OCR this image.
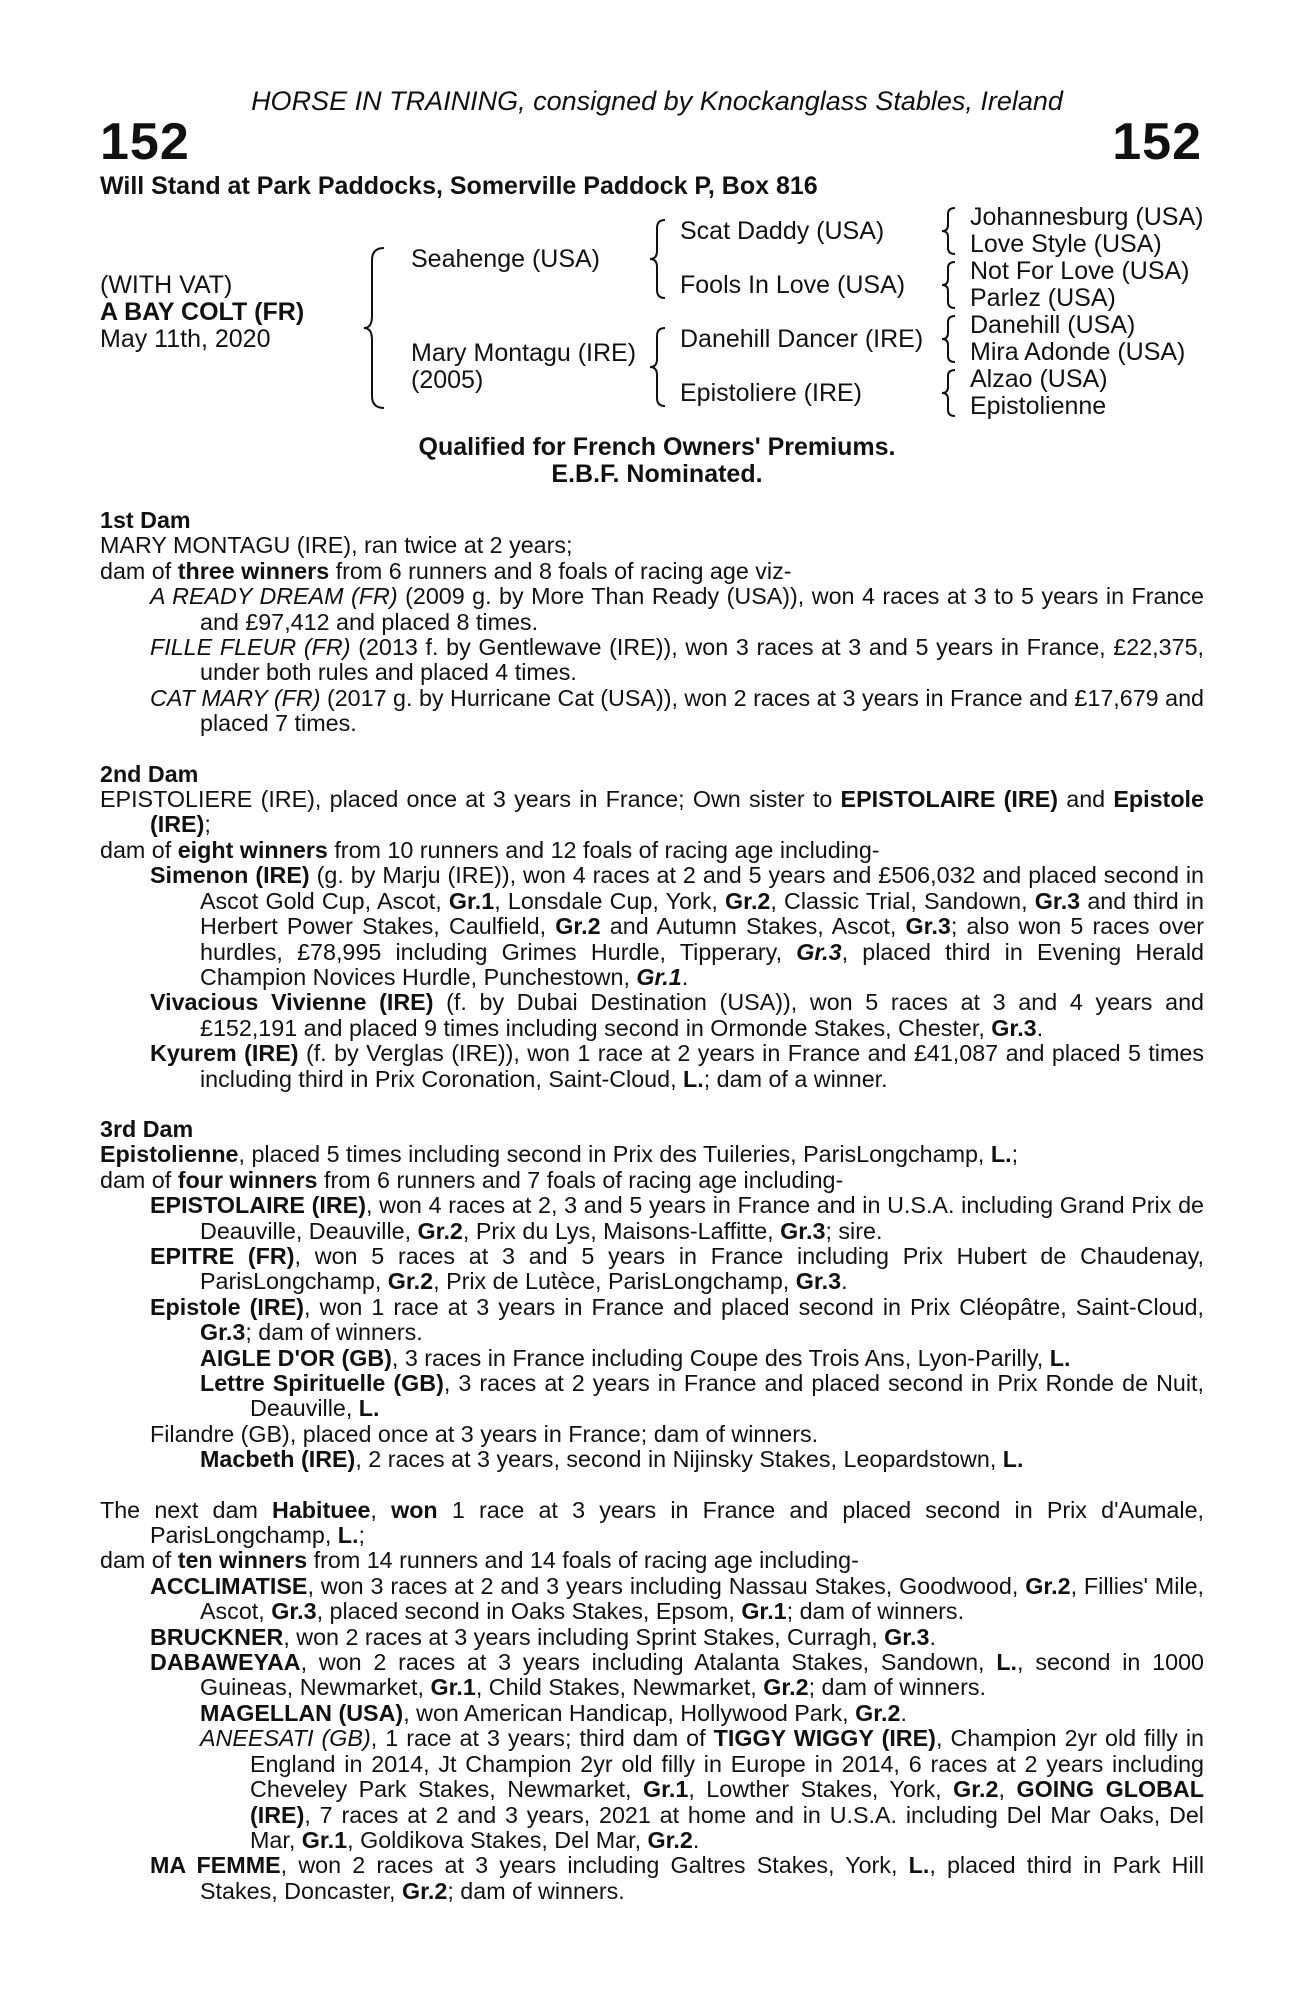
HORSE IN TRAINING, consigned by Knockanglass Stables, Ireland
152	152
Will Stand at Park Paddocks, Somerville Paddock P, Box 816
(WITH VAT)
A BAY COLT (FR)
May 11th, 2020
Seahenge (USA)
Mary Montagu (IRE)
(2005)
Scat Daddy (USA)
Fools In Love (USA)
Danehill Dancer (IRE)
Epistoliere (IRE)
Johannesburg (USA)
Love Style (USA)
Not For Love (USA)
Parlez (USA)
Danehill (USA)
Mira Adonde (USA)
Alzao (USA)
Epistolienne
Qualified for French Owners' Premiums.
E.B.F. Nominated.
1st Dam
MARY MONTAGU (IRE), ran twice at 2 years;
dam of three winners from 6 runners and 8 foals of racing age viz-
A READY DREAM (FR) (2009 g. by More Than Ready (USA)), won 4 races at 3 to 5 years in France and £97,412 and placed 8 times.
FILLE FLEUR (FR) (2013 f. by Gentlewave (IRE)), won 3 races at 3 and 5 years in France, £22,375, under both rules and placed 4 times.
CAT MARY (FR) (2017 g. by Hurricane Cat (USA)), won 2 races at 3 years in France and £17,679 and placed 7 times.
2nd Dam
EPISTOLIERE (IRE), placed once at 3 years in France; Own sister to EPISTOLAIRE (IRE) and Epistole (IRE);
dam of eight winners from 10 runners and 12 foals of racing age including-
Simenon (IRE) (g. by Marju (IRE)), won 4 races at 2 and 5 years and £506,032 and placed second in Ascot Gold Cup, Ascot, Gr.1, Lonsdale Cup, York, Gr.2, Classic Trial, Sandown, Gr.3 and third in Herbert Power Stakes, Caulfield, Gr.2 and Autumn Stakes, Ascot, Gr.3; also won 5 races over hurdles, £78,995 including Grimes Hurdle, Tipperary, Gr.3, placed third in Evening Herald Champion Novices Hurdle, Punchestown, Gr.1.
Vivacious Vivienne (IRE) (f. by Dubai Destination (USA)), won 5 races at 3 and 4 years and £152,191 and placed 9 times including second in Ormonde Stakes, Chester, Gr.3.
Kyurem (IRE) (f. by Verglas (IRE)), won 1 race at 2 years in France and £41,087 and placed 5 times including third in Prix Coronation, Saint-Cloud, L.; dam of a winner.
3rd Dam
Epistolienne, placed 5 times including second in Prix des Tuileries, ParisLongchamp, L.;
dam of four winners from 6 runners and 7 foals of racing age including-
EPISTOLAIRE (IRE), won 4 races at 2, 3 and 5 years in France and in U.S.A. including Grand Prix de Deauville, Deauville, Gr.2, Prix du Lys, Maisons-Laffitte, Gr.3; sire.
EPITRE (FR), won 5 races at 3 and 5 years in France including Prix Hubert de Chaudenay, ParisLongchamp, Gr.2, Prix de Lutèce, ParisLongchamp, Gr.3.
Epistole (IRE), won 1 race at 3 years in France and placed second in Prix Cléopâtre, Saint-Cloud, Gr.3; dam of winners.
AIGLE D'OR (GB), 3 races in France including Coupe des Trois Ans, Lyon-Parilly, L.
Lettre Spirituelle (GB), 3 races at 2 years in France and placed second in Prix Ronde de Nuit, Deauville, L.
Filandre (GB), placed once at 3 years in France; dam of winners.
Macbeth (IRE), 2 races at 3 years, second in Nijinsky Stakes, Leopardstown, L.
The next dam Habituee, won 1 race at 3 years in France and placed second in Prix d'Aumale, ParisLongchamp, L.;
dam of ten winners from 14 runners and 14 foals of racing age including-
ACCLIMATISE, won 3 races at 2 and 3 years including Nassau Stakes, Goodwood, Gr.2, Fillies' Mile, Ascot, Gr.3, placed second in Oaks Stakes, Epsom, Gr.1; dam of winners.
BRUCKNER, won 2 races at 3 years including Sprint Stakes, Curragh, Gr.3.
DABAWEYAA, won 2 races at 3 years including Atalanta Stakes, Sandown, L., second in 1000 Guineas, Newmarket, Gr.1, Child Stakes, Newmarket, Gr.2; dam of winners.
MAGELLAN (USA), won American Handicap, Hollywood Park, Gr.2.
ANEESATI (GB), 1 race at 3 years; third dam of TIGGY WIGGY (IRE), Champion 2yr old filly in England in 2014, Jt Champion 2yr old filly in Europe in 2014, 6 races at 2 years including Cheveley Park Stakes, Newmarket, Gr.1, Lowther Stakes, York, Gr.2, GOING GLOBAL (IRE), 7 races at 2 and 3 years, 2021 at home and in U.S.A. including Del Mar Oaks, Del Mar, Gr.1, Goldikova Stakes, Del Mar, Gr.2.
MA FEMME, won 2 races at 3 years including Galtres Stakes, York, L., placed third in Park Hill Stakes, Doncaster, Gr.2; dam of winners.
